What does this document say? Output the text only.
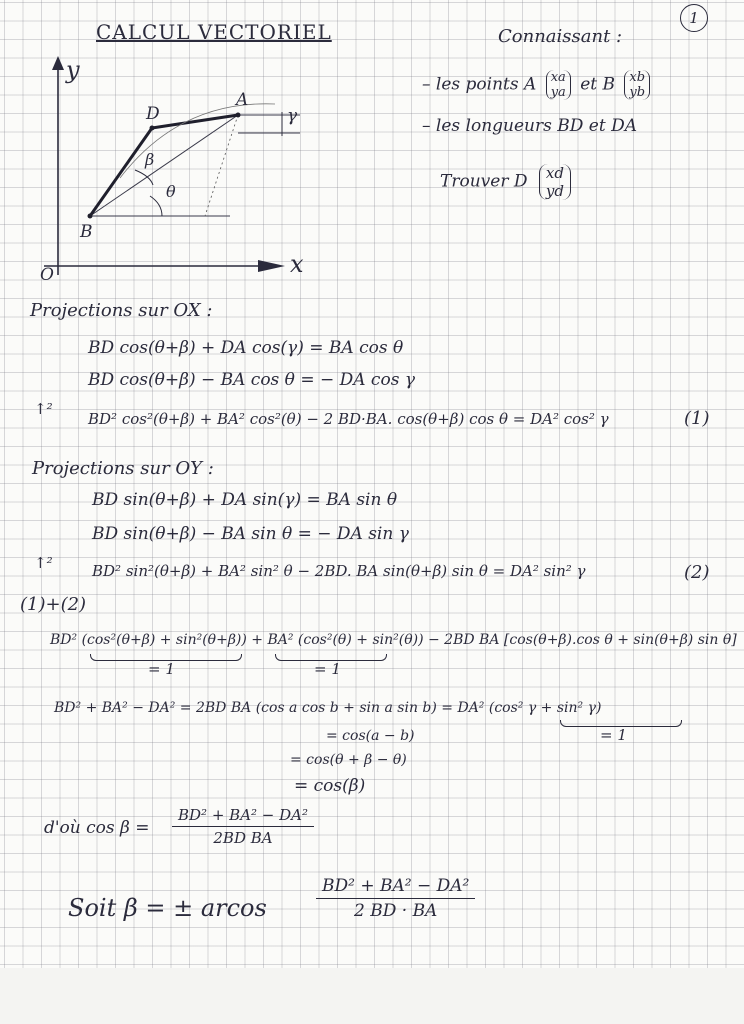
1
CALCUL VECTORIEL
y
x
O
A
B
D
β
θ
γ
Connaissant :
– les points A xa
ya et B xb
yb
– les longueurs BD et DA
Trouver D xd
yd
Projections sur OX :
BD cos(θ+β) + DA cos(γ) = BA cos θ
BD cos(θ+β) − BA cos θ = − DA cos γ
↑²
BD² cos²(θ+β) + BA² cos²(θ) − 2 BD·BA. cos(θ+β) cos θ = DA² cos² γ	(1)
Projections sur OY :
BD sin(θ+β) + DA sin(γ) = BA sin θ
BD sin(θ+β) − BA sin θ = − DA sin γ
↑²	BD² sin²(θ+β) + BA² sin² θ − 2BD. BA sin(θ+β) sin θ = DA² sin² γ	(2)
(1)+(2)
BD² (cos²(θ+β) + sin²(θ+β)) + BA² (cos²(θ) + sin²(θ)) − 2BD BA [cos(θ+β).cos θ + sin(θ+β) sin θ]
= 1	= 1
BD² + BA² − DA² = 2BD BA (cos a cos b + sin a sin b) = DA² (cos² γ + sin² γ)
= 1
= cos(a − b)
= cos(θ + β − θ)
= cos(β)
d'où $\cos \beta = \frac{\text{BD² + BA² − DA²}}{\text{2BD BA}}$
Soit β = ± arcos	$\frac{\text{BD² + BA² − DA²}}{2 BD \cdot BA}$
